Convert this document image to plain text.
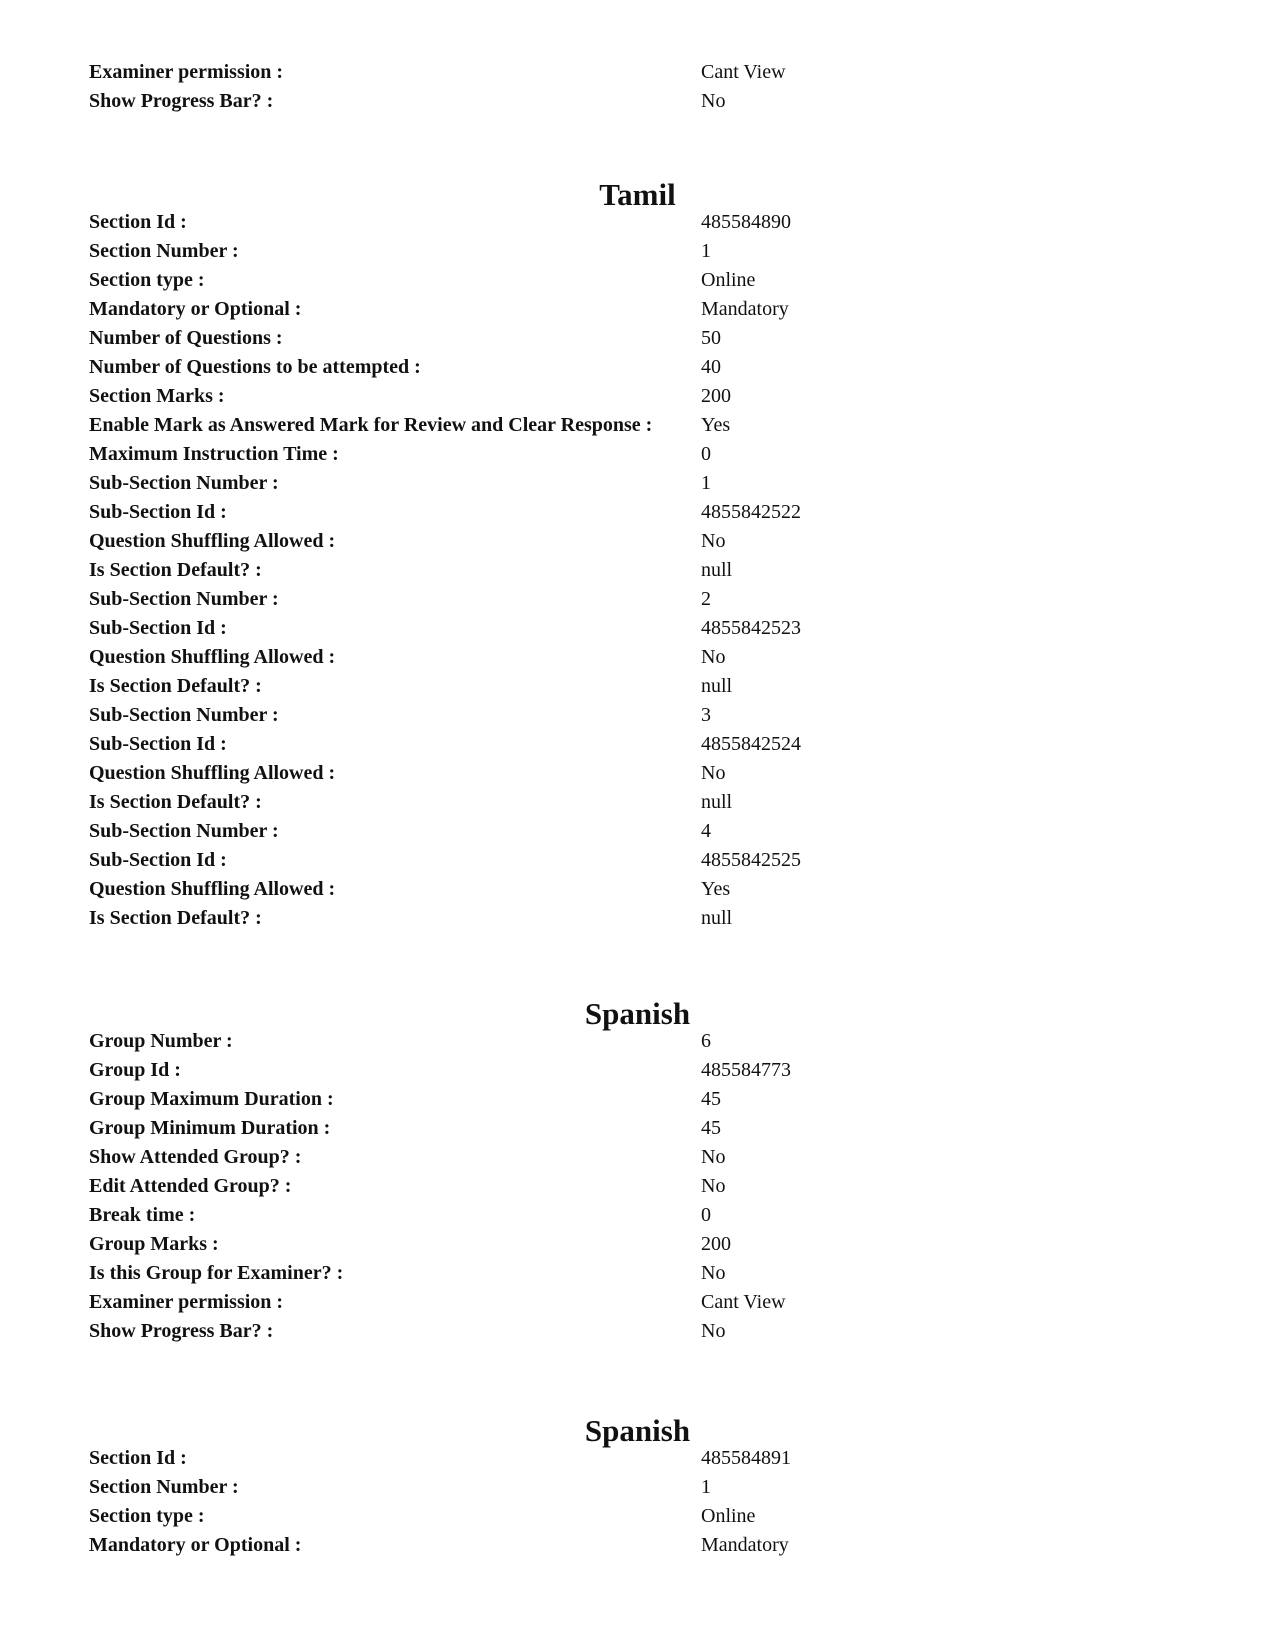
Examiner permission :	Cant View
Show Progress Bar? :	No
Tamil
Section Id :	485584890
Section Number :	1
Section type :	Online
Mandatory or Optional :	Mandatory
Number of Questions :	50
Number of Questions to be attempted :	40
Section Marks :	200
Enable Mark as Answered Mark for Review and Clear Response : Yes
Maximum Instruction Time :	0
Sub-Section Number :	1
Sub-Section Id :	4855842522
Question Shuffling Allowed :	No
Is Section Default? :	null
Sub-Section Number :	2
Sub-Section Id :	4855842523
Question Shuffling Allowed :	No
Is Section Default? :	null
Sub-Section Number :	3
Sub-Section Id :	4855842524
Question Shuffling Allowed :	No
Is Section Default? :	null
Sub-Section Number :	4
Sub-Section Id :	4855842525
Question Shuffling Allowed :	Yes
Is Section Default? :	null
Spanish
Group Number :	6
Group Id :	485584773
Group Maximum Duration :	45
Group Minimum Duration :	45
Show Attended Group? :	No
Edit Attended Group? :	No
Break time :	0
Group Marks :	200
Is this Group for Examiner? :	No
Examiner permission :	Cant View
Show Progress Bar? :	No
Spanish
Section Id :	485584891
Section Number :	1
Section type :	Online
Mandatory or Optional :	Mandatory
